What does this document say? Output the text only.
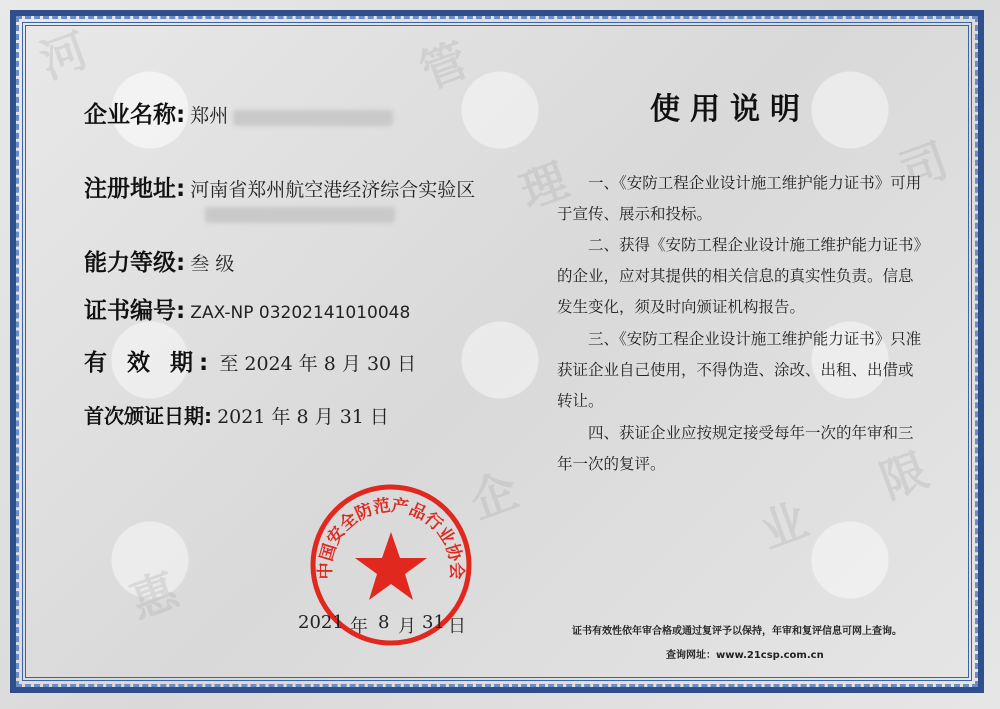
河
惠
管
理
企	业
司
限
企业名称: 郑州
注册地址: 河南省郑州航空港经济综合实验区
能力等级: 叁 级
证书编号: ZAX-NP 03202141010048
有 效 期: 至 2024 年 8 月 30 日
首次颁证日期: 2021 年 8 月 31 日
使用说明
一、《安防工程企业设计施工维护能力证书》可用于宣传、展示和投标。
二、获得《安防工程企业设计施工维护能力证书》的企业，应对其提供的相关信息的真实性负责。信息发生变化，须及时向颁证机构报告。
三、《安防工程企业设计施工维护能力证书》只准获证企业自己使用，不得伪造、涂改、出租、出借或转让。
四、获证企业应按规定接受每年一次的年审和三年一次的复评。
中国安全防范产品行业协会
2021 年 8 月 31 日	证书有效性依年审合格或通过复评予以保持，年审和复评信息可网上查询。
查询网址：www.21csp.com.cn
